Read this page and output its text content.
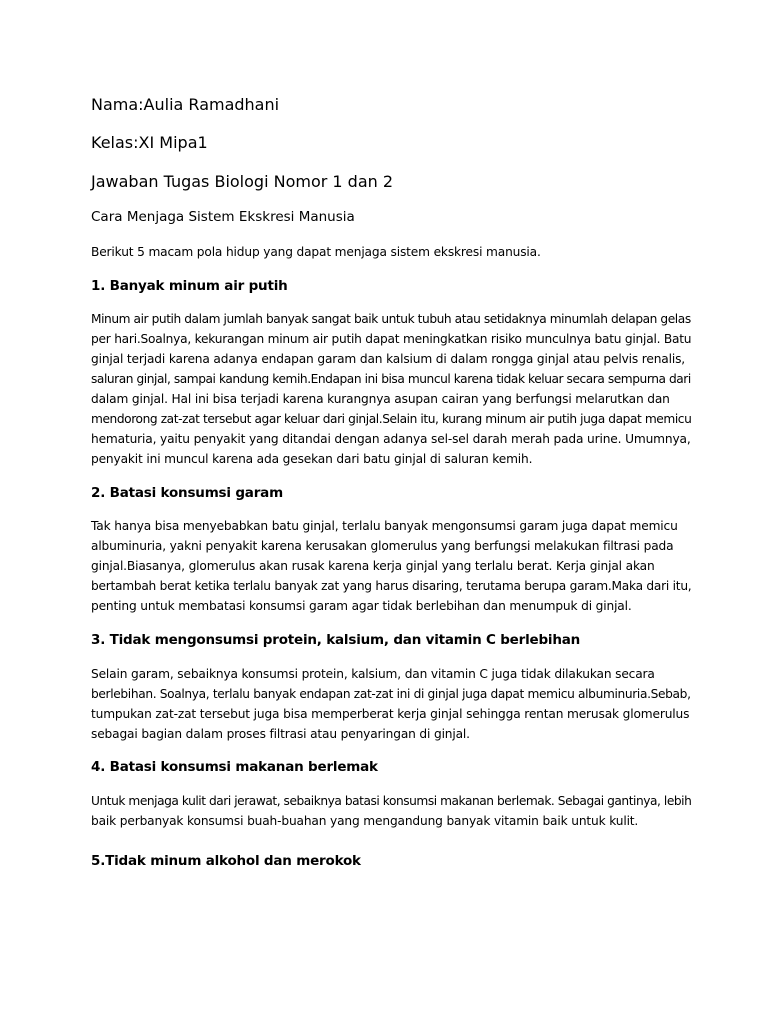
Nama:Aulia Ramadhani
Kelas:XI Mipa1
Jawaban Tugas Biologi Nomor 1 dan 2
Cara Menjaga Sistem Ekskresi Manusia
Berikut 5 macam pola hidup yang dapat menjaga sistem ekskresi manusia.
1. Banyak minum air putih
Minum air putih dalam jumlah banyak sangat baik untuk tubuh atau setidaknya minumlah delapan gelas
per hari.Soalnya, kekurangan minum air putih dapat meningkatkan risiko munculnya batu ginjal. Batu
ginjal terjadi karena adanya endapan garam dan kalsium di dalam rongga ginjal atau pelvis renalis,
saluran ginjal, sampai kandung kemih.Endapan ini bisa muncul karena tidak keluar secara sempurna dari
dalam ginjal. Hal ini bisa terjadi karena kurangnya asupan cairan yang berfungsi melarutkan dan
mendorong zat-zat tersebut agar keluar dari ginjal.Selain itu, kurang minum air putih juga dapat memicu
hematuria, yaitu penyakit yang ditandai dengan adanya sel-sel darah merah pada urine. Umumnya,
penyakit ini muncul karena ada gesekan dari batu ginjal di saluran kemih.
2. Batasi konsumsi garam
Tak hanya bisa menyebabkan batu ginjal, terlalu banyak mengonsumsi garam juga dapat memicu
albuminuria, yakni penyakit karena kerusakan glomerulus yang berfungsi melakukan filtrasi pada
ginjal.Biasanya, glomerulus akan rusak karena kerja ginjal yang terlalu berat. Kerja ginjal akan
bertambah berat ketika terlalu banyak zat yang harus disaring, terutama berupa garam.Maka dari itu,
penting untuk membatasi konsumsi garam agar tidak berlebihan dan menumpuk di ginjal.
3. Tidak mengonsumsi protein, kalsium, dan vitamin C berlebihan
Selain garam, sebaiknya konsumsi protein, kalsium, dan vitamin C juga tidak dilakukan secara
berlebihan. Soalnya, terlalu banyak endapan zat-zat ini di ginjal juga dapat memicu albuminuria.Sebab,
tumpukan zat-zat tersebut juga bisa memperberat kerja ginjal sehingga rentan merusak glomerulus
sebagai bagian dalam proses filtrasi atau penyaringan di ginjal.
4. Batasi konsumsi makanan berlemak
Untuk menjaga kulit dari jerawat, sebaiknya batasi konsumsi makanan berlemak. Sebagai gantinya, lebih
baik perbanyak konsumsi buah-buahan yang mengandung banyak vitamin baik untuk kulit.
5.Tidak minum alkohol dan merokok
